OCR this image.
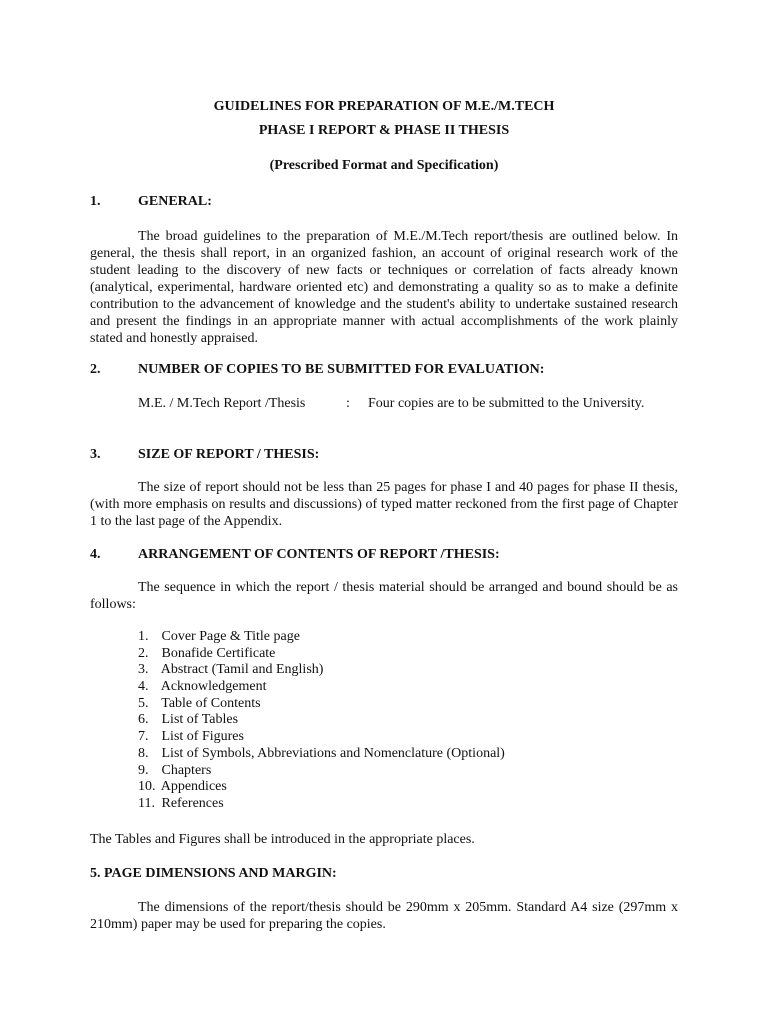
GUIDELINES FOR PREPARATION OF M.E./M.TECH
PHASE I REPORT & PHASE II THESIS
(Prescribed Format and Specification)
1.	GENERAL:
The broad guidelines to the preparation of M.E./M.Tech report/thesis are outlined below. In general, the thesis shall report, in an organized fashion, an account of original research work of the student leading to the discovery of new facts or techniques or correlation of facts already known (analytical, experimental, hardware oriented etc) and demonstrating a quality so as to make a definite contribution to the advancement of knowledge and the student's ability to undertake sustained research and present the findings in an appropriate manner with actual accomplishments of the work plainly stated and honestly appraised.
2.	NUMBER OF COPIES TO BE SUBMITTED FOR EVALUATION:
M.E. / M.Tech Report /Thesis	: Four copies are to be submitted to the University.
3.	SIZE OF REPORT / THESIS:
The size of report should not be less than 25 pages for phase I and 40 pages for phase II thesis, (with more emphasis on results and discussions) of typed matter reckoned from the first page of Chapter 1 to the last page of the Appendix.
4.	ARRANGEMENT OF CONTENTS OF REPORT /THESIS:
The sequence in which the report / thesis material should be arranged and bound should be as follows:
1. Cover Page & Title page
2. Bonafide Certificate
3. Abstract (Tamil and English)
4. Acknowledgement
5. Table of Contents
6. List of Tables
7. List of Figures
8. List of Symbols, Abbreviations and Nomenclature (Optional)
9. Chapters
10. Appendices
11. References
The Tables and Figures shall be introduced in the appropriate places.
5. PAGE DIMENSIONS AND MARGIN:
The dimensions of the report/thesis should be 290mm x 205mm. Standard A4 size (297mm x 210mm) paper may be used for preparing the copies.
